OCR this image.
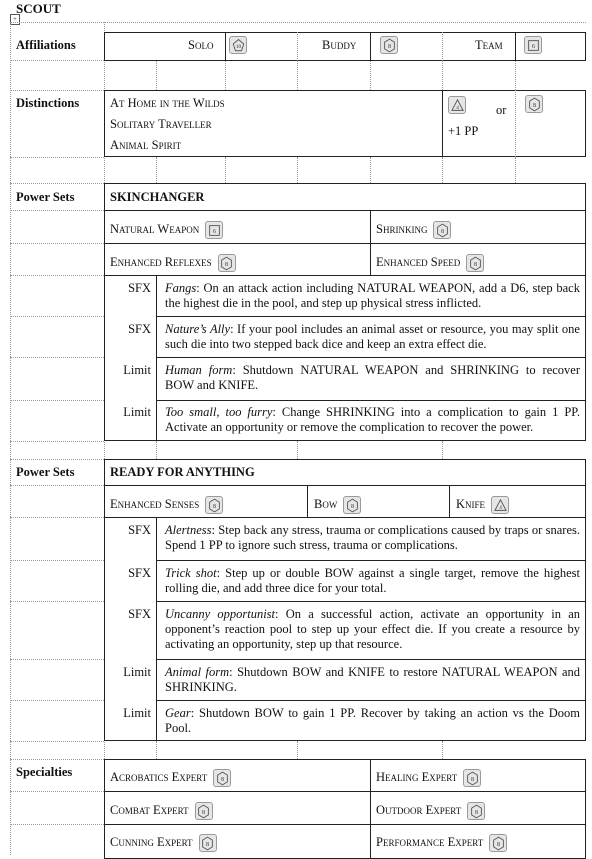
+
SCOUT
Affiliations	Solo	10	Buddy	8	Team	6
Distinctions At Home in the Wilds
Solitary Traveller
Animal Spirit
4	or	8
+1 PP
Power Sets	SKINCHANGER
Natural Weapon 6	Shrinking 8
Enhanced Reflexes 8	Enhanced Speed 8
SFX Fangs: On an attack action including NATURAL WEAPON, add a D6, step back the highest die in the pool, and step up physical stress inflicted.
SFX Nature’s Ally: If your pool includes an animal asset or resource, you may split one such die into two stepped back dice and keep an extra effect die.
Limit Human form: Shutdown NATURAL WEAPON and SHRINKING to recover BOW and KNIFE.
Limit Too small, too furry: Change SHRINKING into a complication to gain 1 PP. Activate an opportunity or remove the complication to recover the power.
Power Sets	READY FOR ANYTHING
Enhanced Senses 8	Bow 8	Knife 4
SFX Alertness: Step back any stress, trauma or complications caused by traps or snares. Spend 1 PP to ignore such stress, trauma or complications.
SFX Trick shot: Step up or double BOW against a single target, remove the highest rolling die, and add three dice for your total.
SFX Uncanny opportunist: On a successful action, activate an opportunity in an opponent’s reaction pool to step up your effect die. If you create a resource by activating an opportunity, step up that resource.
Limit Animal form: Shutdown BOW and KNIFE to restore NATURAL WEAPON and SHRINKING.
Limit Gear: Shutdown BOW to gain 1 PP. Recover by taking an action vs the Doom Pool.
Specialties	Acrobatics Expert 8	Healing Expert 8
Combat Expert 8	Outdoor Expert 8
Cunning Expert 8	Performance Expert 8
